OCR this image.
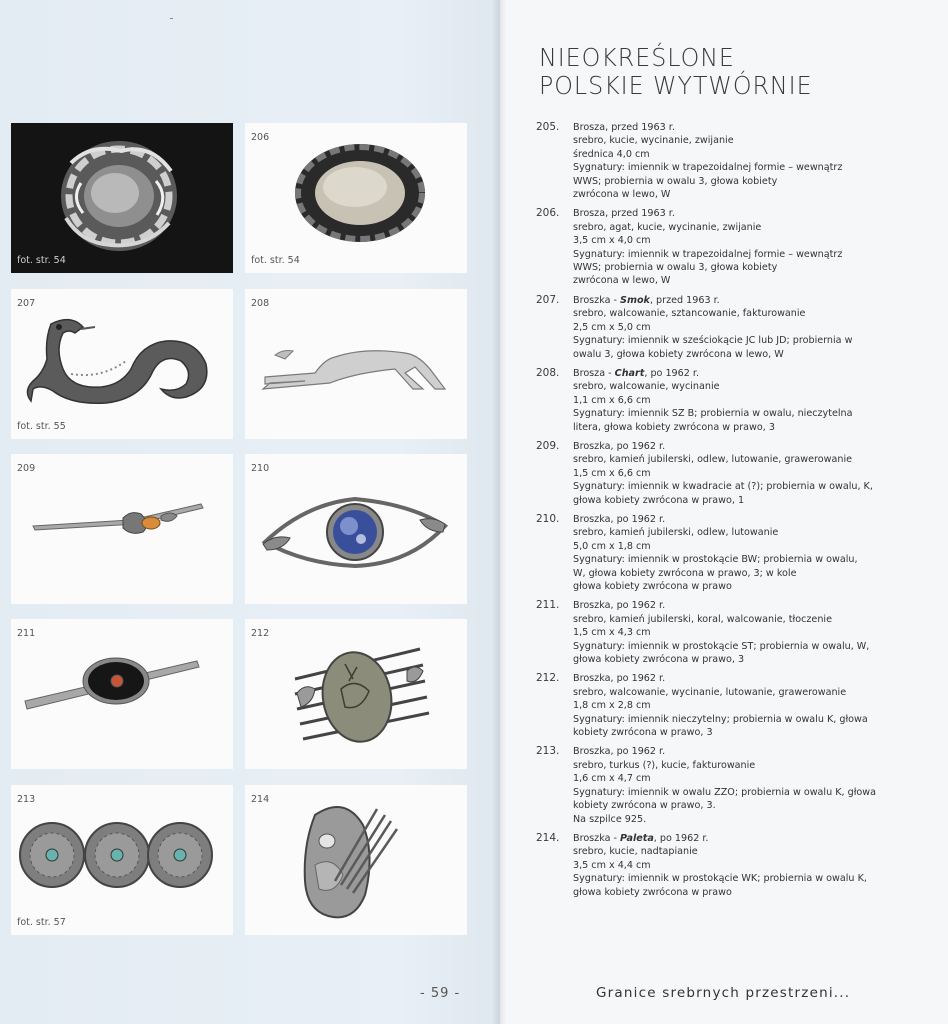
fot. str. 54
206
fot. str. 54
207
fot. str. 55
208
209	210
211	212
213
fot. str. 57
214
NIEOKREŚLONE
POLSKIE WYTWÓRNIE
205. Brosza, przed 1963 r.
srebro, kucie, wycinanie, zwijanie
średnica 4,0 cm
Sygnatury: imiennik w trapezoidalnej formie – wewnątrz
WWS; probiernia w owalu 3, głowa kobiety
zwrócona w lewo, W
206. Brosza, przed 1963 r.
srebro, agat, kucie, wycinanie, zwijanie
3,5 cm x 4,0 cm
Sygnatury: imiennik w trapezoidalnej formie – wewnątrz
WWS; probiernia w owalu 3, głowa kobiety
zwrócona w lewo, W
207. Broszka - Smok, przed 1963 r.
srebro, walcowanie, sztancowanie, fakturowanie
2,5 cm x 5,0 cm
Sygnatury: imiennik w sześciokącie JC lub JD; probiernia w
owalu 3, głowa kobiety zwrócona w lewo, W
208. Brosza - Chart, po 1962 r.
srebro, walcowanie, wycinanie
1,1 cm x 6,6 cm
Sygnatury: imiennik SZ B; probiernia w owalu, nieczytelna
litera, głowa kobiety zwrócona w prawo, 3
209. Broszka, po 1962 r.
srebro, kamień jubilerski, odlew, lutowanie, grawerowanie
1,5 cm x 6,6 cm
Sygnatury: imiennik w kwadracie at (?); probiernia w owalu, K,
głowa kobiety zwrócona w prawo, 1
210. Broszka, po 1962 r.
srebro, kamień jubilerski, odlew, lutowanie
5,0 cm x 1,8 cm
Sygnatury: imiennik w prostokącie BW; probiernia w owalu,
W, głowa kobiety zwrócona w prawo, 3; w kole
głowa kobiety zwrócona w prawo
211. Broszka, po 1962 r.
srebro, kamień jubilerski, koral, walcowanie, tłoczenie
1,5 cm x 4,3 cm
Sygnatury: imiennik w prostokącie ST; probiernia w owalu, W,
głowa kobiety zwrócona w prawo, 3
212. Broszka, po 1962 r.
srebro, walcowanie, wycinanie, lutowanie, grawerowanie
1,8 cm x 2,8 cm
Sygnatury: imiennik nieczytelny; probiernia w owalu K, głowa
kobiety zwrócona w prawo, 3
213. Broszka, po 1962 r.
srebro, turkus (?), kucie, fakturowanie
1,6 cm x 4,7 cm
Sygnatury: imiennik w owalu ZZO; probiernia w owalu K, głowa
kobiety zwrócona w prawo, 3.
Na szpilce 925.
214. Broszka - Paleta, po 1962 r.
srebro, kucie, nadtapianie
3,5 cm x 4,4 cm
Sygnatury: imiennik w prostokącie WK; probiernia w owalu K,
głowa kobiety zwrócona w prawo
- 59 -	Granice srebrnych przestrzeni...
